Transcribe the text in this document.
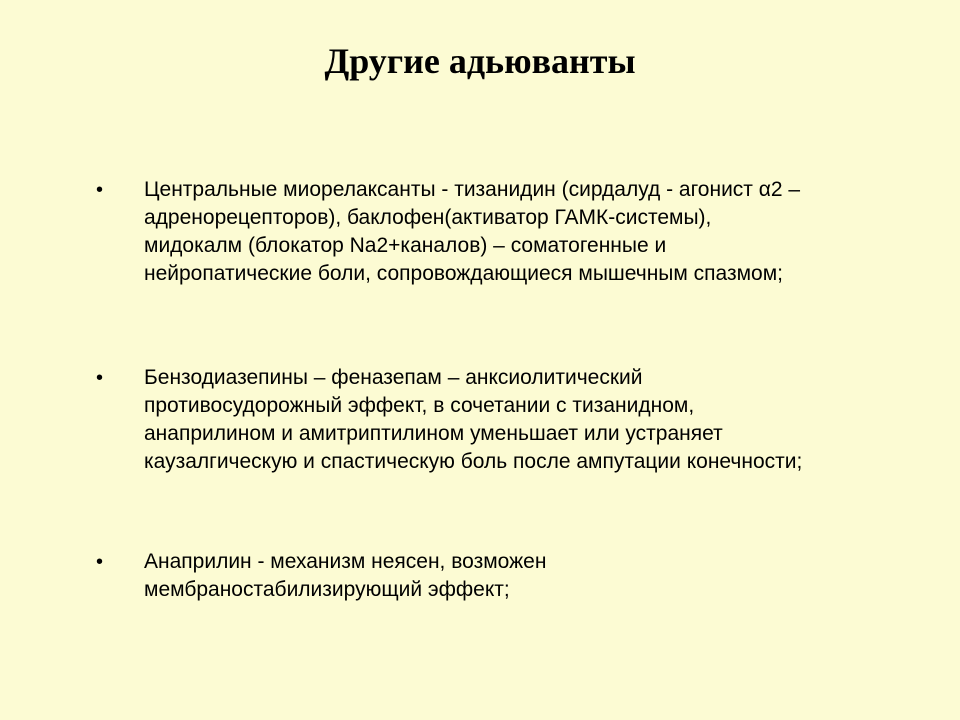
Другие адьюванты
• Центральные миорелаксанты - тизанидин (сирдалуд - агонист α2 –
адренорецепторов), баклофен(активатор ГАМК-системы),
мидокалм (блокатор Na2+каналов) – соматогенные и
нейропатические боли, сопровождающиеся мышечным спазмом;
• Бензодиазепины – феназепам – анксиолитический
противосудорожный эффект, в сочетании с тизанидном,
анаприлином и амитриптилином уменьшает или устраняет
каузалгическую и спастическую боль после ампутации конечности;
• Анаприлин - механизм неясен, возможен
мембраностабилизирующий эффект;
